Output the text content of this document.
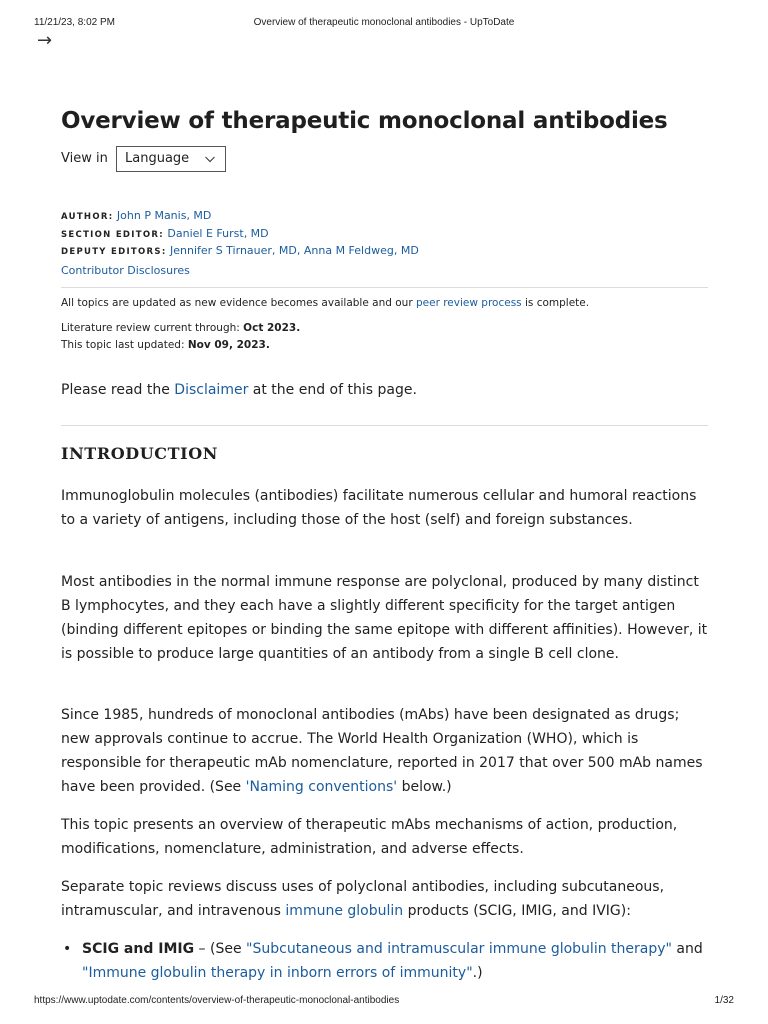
11/21/23, 8:02 PM	Overview of therapeutic monoclonal antibodies - UpToDate
→
Overview of therapeutic monoclonal antibodies
View in	Language
AUTHOR: John P Manis, MD
SECTION EDITOR: Daniel E Furst, MD
DEPUTY EDITORS: Jennifer S Tirnauer, MD, Anna M Feldweg, MD
Contributor Disclosures
All topics are updated as new evidence becomes available and our peer review process is complete.
Literature review current through: Oct 2023.
This topic last updated: Nov 09, 2023.
Please read the Disclaimer at the end of this page.
INTRODUCTION

Immunoglobulin molecules (antibodies) facilitate numerous cellular and humoral reactions to a variety of antigens, including those of the host (self) and foreign substances.

Most antibodies in the normal immune response are polyclonal, produced by many distinct B lymphocytes, and they each have a slightly different specificity for the target antigen (binding different epitopes or binding the same epitope with different affinities). However, it is possible to produce large quantities of an antibody from a single B cell clone.

Since 1985, hundreds of monoclonal antibodies (mAbs) have been designated as drugs; new approvals continue to accrue. The World Health Organization (WHO), which is responsible for therapeutic mAb nomenclature, reported in 2017 that over 500 mAb names have been provided. (See 'Naming conventions' below.)

This topic presents an overview of therapeutic mAbs mechanisms of action, production, modifications, nomenclature, administration, and adverse effects.

Separate topic reviews discuss uses of polyclonal antibodies, including subcutaneous, intramuscular, and intravenous immune globulin products (SCIG, IMIG, and IVIG):

• SCIG and IMIG – (See "Subcutaneous and intramuscular immune globulin therapy" and "Immune globulin therapy in inborn errors of immunity".)
https://www.uptodate.com/contents/overview-of-therapeutic-monoclonal-antibodies	1/32
